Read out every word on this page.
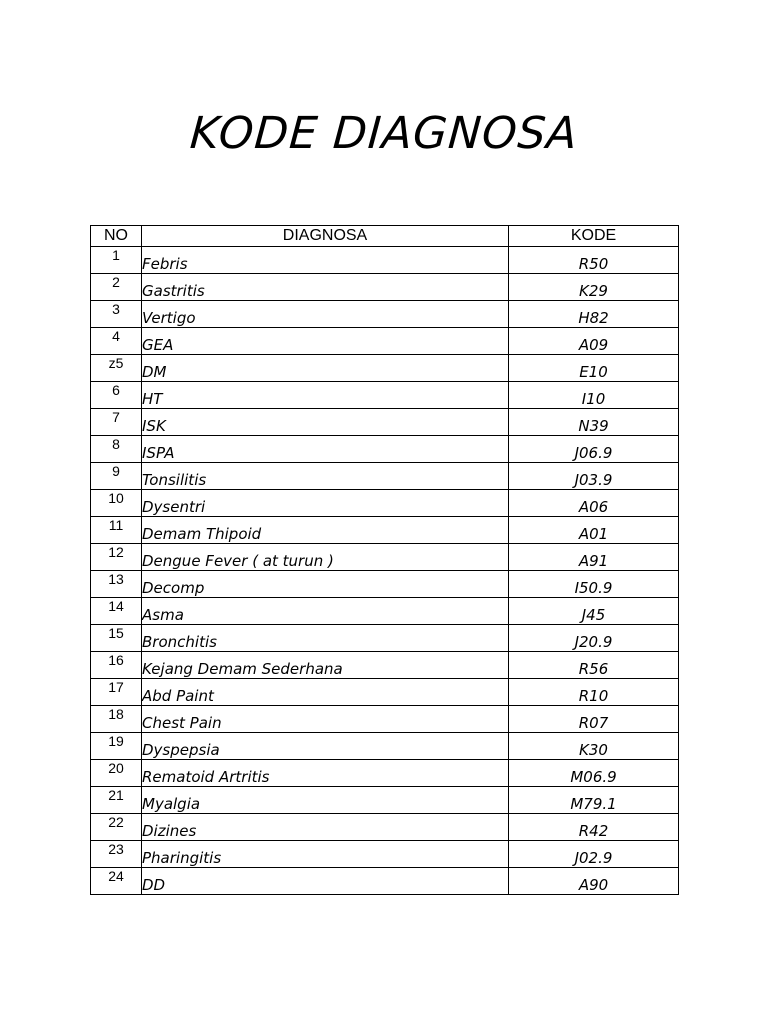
KODE DIAGNOSA
NO	DIAGNOSA	KODE
1	Febris	R50
2	Gastritis	K29
3	Vertigo	H82
4	GEA	A09
z5	DM	E10
6	HT	I10
7	ISK	N39
8	ISPA	J06.9
9	Tonsilitis	J03.9
10	Dysentri	A06
11	Demam Thipoid	A01
12	Dengue Fever ( at turun )	A91
13	Decomp	I50.9
14	Asma	J45
15	Bronchitis	J20.9
16	Kejang Demam Sederhana	R56
17	Abd Paint	R10
18	Chest Pain	R07
19	Dyspepsia	K30
20	Rematoid Artritis	M06.9
21	Myalgia	M79.1
22	Dizines	R42
23	Pharingitis	J02.9
24	DD	A90
